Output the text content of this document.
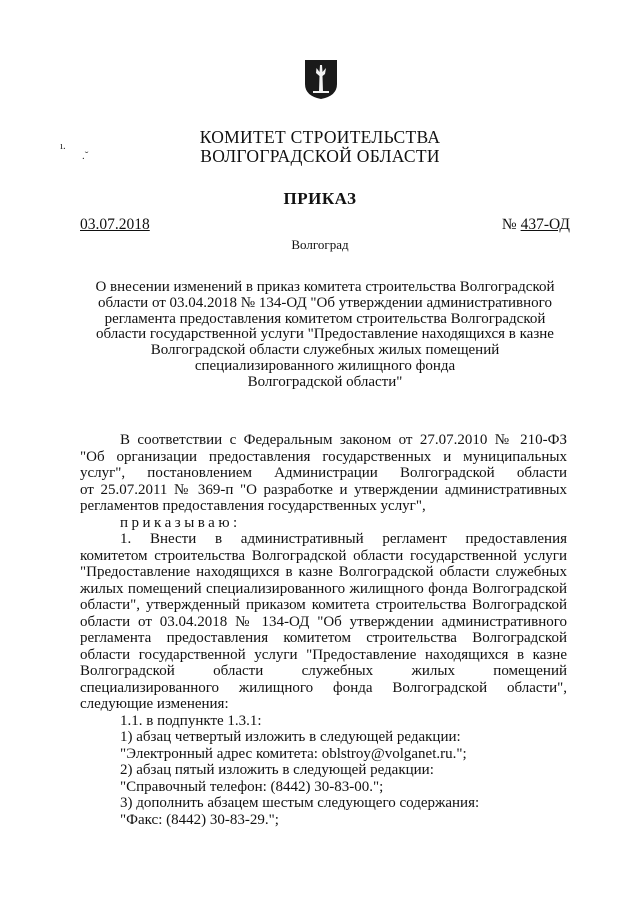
ı.
.ˇ
КОМИТЕТ СТРОИТЕЛЬСТВА
ВОЛГОГРАДСКОЙ ОБЛАСТИ
ПРИКАЗ
03.07.2018	№ 437-ОД
Волгоград
О внесении изменений в приказ комитета строительства Волгоградской
области от 03.04.2018 № 134-ОД "Об утверждении административного
регламента предоставления комитетом строительства Волгоградской
области государственной услуги "Предоставление находящихся в казне
Волгоградской области служебных жилых помещений
специализированного жилищного фонда
Волгоградской области"
В соответствии с Федеральным законом от 27.07.2010 № 210-ФЗ
"Об организации предоставления государственных и муниципальных
услуг", постановлением Администрации Волгоградской области
от 25.07.2011 № 369-п "О разработке и утверждении административных
регламентов предоставления государственных услуг",
приказываю:
1. Внести в административный регламент предоставления
комитетом строительства Волгоградской области государственной услуги
"Предоставление находящихся в казне Волгоградской области служебных
жилых помещений специализированного жилищного фонда Волгоградской
области", утвержденный приказом комитета строительства Волгоградской
области от 03.04.2018 № 134-ОД "Об утверждении административного
регламента предоставления комитетом строительства Волгоградской
области государственной услуги "Предоставление находящихся в казне
Волгоградской области служебных жилых помещений
специализированного жилищного фонда Волгоградской области",
следующие изменения:
1.1. в подпункте 1.3.1:
1) абзац четвертый изложить в следующей редакции:
"Электронный адрес комитета: oblstroy@volganet.ru.";
2) абзац пятый изложить в следующей редакции:
"Справочный телефон: (8442) 30-83-00.";
3) дополнить абзацем шестым следующего содержания:
"Факс: (8442) 30-83-29.";
